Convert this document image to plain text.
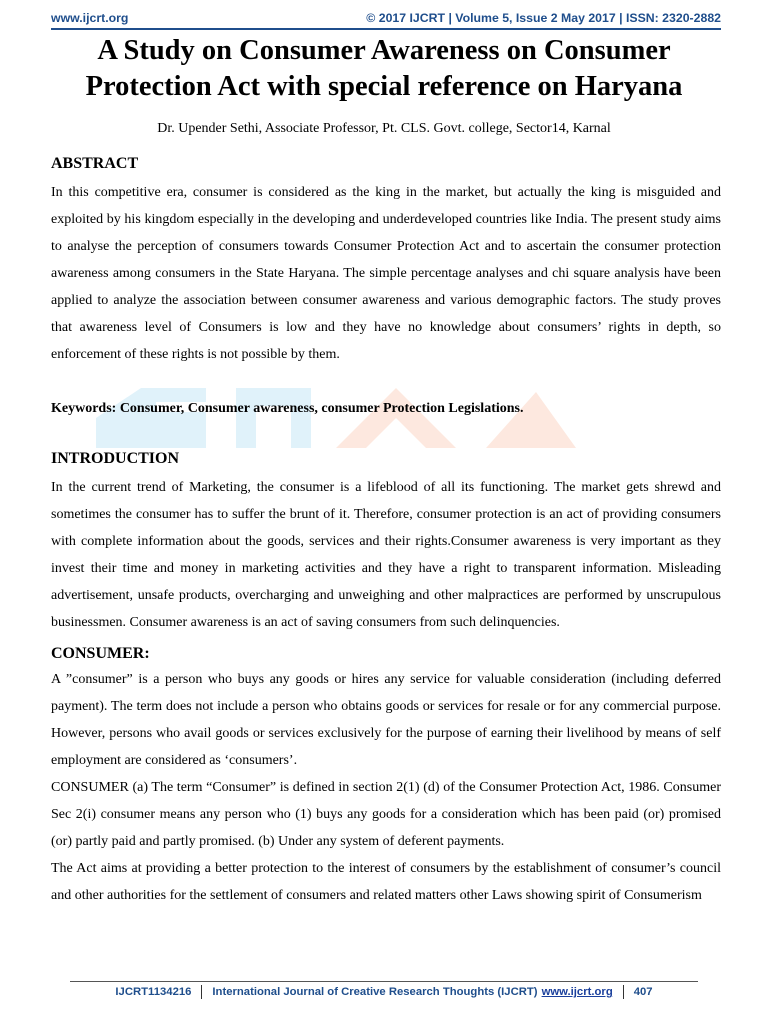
www.ijcrt.org	© 2017 IJCRT | Volume 5, Issue 2 May 2017 | ISSN: 2320-2882
A Study on Consumer Awareness on Consumer Protection Act with special reference on Haryana
Dr. Upender Sethi, Associate Professor, Pt. CLS. Govt. college, Sector14, Karnal
ABSTRACT

In this competitive era, consumer is considered as the king in the market, but actually the king is misguided and exploited by his kingdom especially in the developing and underdeveloped countries like India. The present study aims to analyse the perception of consumers towards Consumer Protection Act and to ascertain the consumer protection awareness among consumers in the State Haryana. The simple percentage analyses and chi square analysis have been applied to analyze the association between consumer awareness and various demographic factors. The study proves that awareness level of Consumers is low and they have no knowledge about consumers’ rights in depth, so enforcement of these rights is not possible by them.

Keywords: Consumer, Consumer awareness, consumer Protection Legislations.

INTRODUCTION

In the current trend of Marketing, the consumer is a lifeblood of all its functioning. The market gets shrewd and sometimes the consumer has to suffer the brunt of it. Therefore, consumer protection is an act of providing consumers with complete information about the goods, services and their rights.Consumer awareness is very important as they invest their time and money in marketing activities and they have a right to transparent information. Misleading advertisement, unsafe products, overcharging and unweighing and other malpractices are performed by unscrupulous businessmen. Consumer awareness is an act of saving consumers from such delinquencies.

CONSUMER:

A ”consumer” is a person who buys any goods or hires any service for valuable consideration (including deferred payment). The term does not include a person who obtains goods or services for resale or for any commercial purpose. However, persons who avail goods or services exclusively for the purpose of earning their livelihood by means of self employment are considered as ‘consumers’.

CONSUMER (a) The term “Consumer” is defined in section 2(1) (d) of the Consumer Protection Act, 1986. Consumer Sec 2(i) consumer means any person who (1) buys any goods for a consideration which has been paid (or) promised (or) partly paid and partly promised. (b) Under any system of deferent payments.

The Act aims at providing a better protection to the interest of consumers by the establishment of consumer’s council and other authorities for the settlement of consumers and related matters other Laws showing spirit of Consumerism

IJCRT1134216 International Journal of Creative Research Thoughts (IJCRT) www.ijcrt.org 407
